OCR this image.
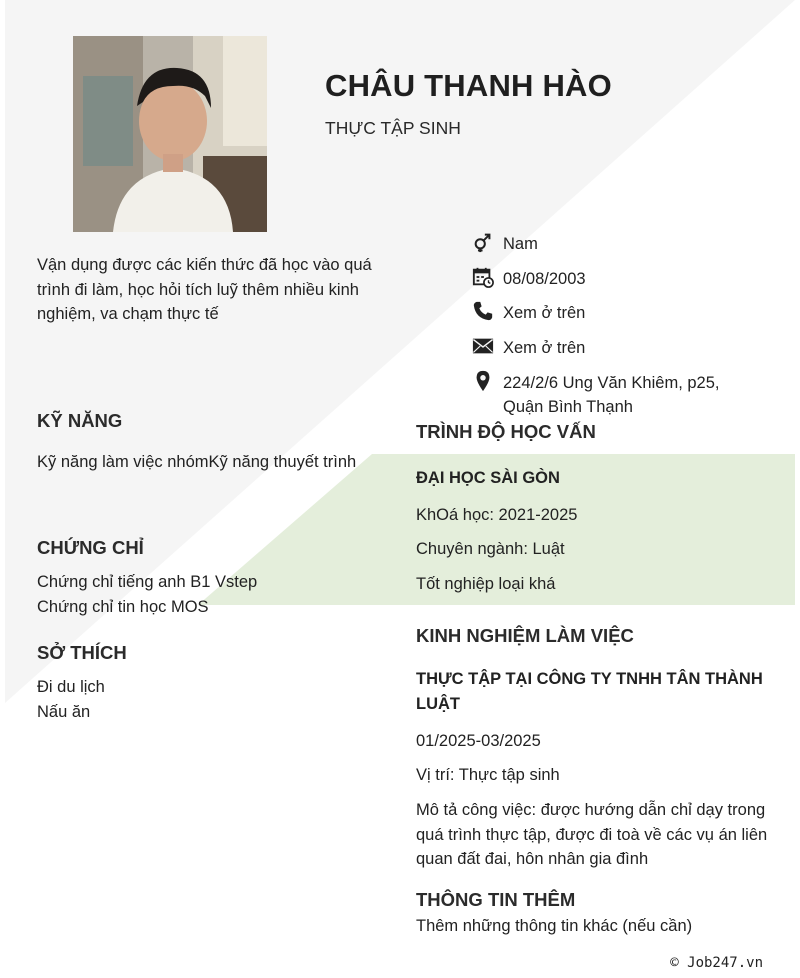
CHÂU THANH HÀO
THỰC TẬP SINH
Vận dụng được các kiến thức đã học vào quá trình đi làm, học hỏi tích luỹ thêm nhiều kinh nghiệm, va chạm thực tế
Nam
08/08/2003
Xem ở trên
Xem ở trên
224/2/6 Ung Văn Khiêm, p25, Quận Bình Thạnh
KỸ NĂNG
Kỹ năng làm việc nhómKỹ năng thuyết trình
CHỨNG CHỈ
Chứng chỉ tiếng anh B1 Vstep
Chứng chỉ tin học MOS
SỞ THÍCH
Đi du lịch
Nấu ăn
TRÌNH ĐỘ HỌC VẤN
ĐẠI HỌC SÀI GÒN
KhOá học: 2021-2025
Chuyên ngành: Luật
Tốt nghiệp loại khá
KINH NGHIỆM LÀM VIỆC
THỰC TẬP TẠI CÔNG TY TNHH TÂN THÀNH LUẬT
01/2025-03/2025
Vị trí: Thực tập sinh
Mô tả công việc: được hướng dẫn chỉ dạy trong quá trình thực tập, được đi toà về các vụ án liên quan đất đai, hôn nhân gia đình
THÔNG TIN THÊM
Thêm những thông tin khác (nếu cần)
© Job247.vn
